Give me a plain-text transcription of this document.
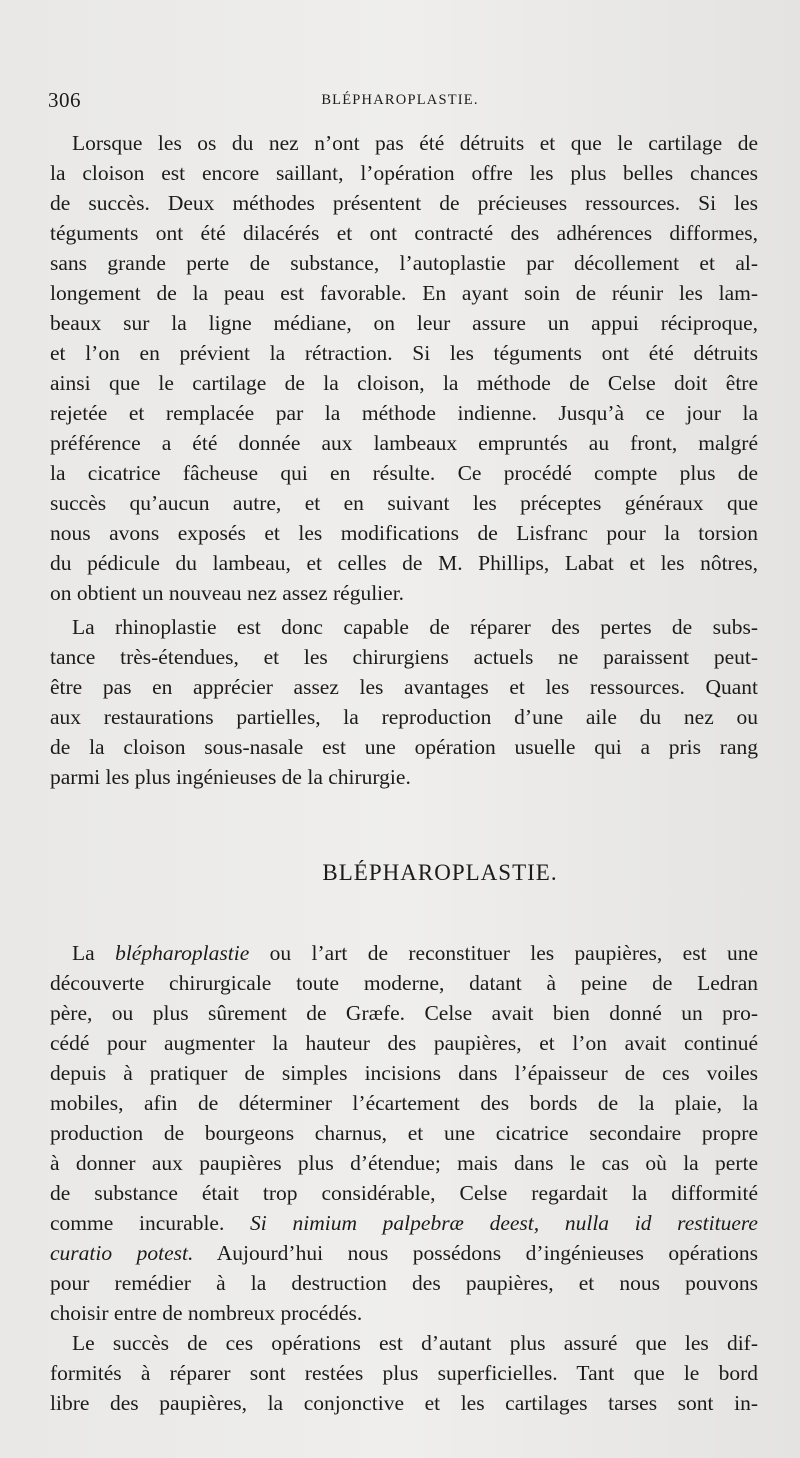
306	BLÉPHAROPLASTIE.

Lorsque les os du nez n’ont pas été détruits et que le cartilage de
la cloison est encore saillant, l’opération offre les plus belles chances
de succès. Deux méthodes présentent de précieuses ressources. Si les
téguments ont été dilacérés et ont contracté des adhérences difformes,
sans grande perte de substance, l’autoplastie par décollement et al-
longement de la peau est favorable. En ayant soin de réunir les lam-
beaux sur la ligne médiane, on leur assure un appui réciproque,
et l’on en prévient la rétraction. Si les téguments ont été détruits
ainsi que le cartilage de la cloison, la méthode de Celse doit être
rejetée et remplacée par la méthode indienne. Jusqu’à ce jour la
préférence a été donnée aux lambeaux empruntés au front, malgré
la cicatrice fâcheuse qui en résulte. Ce procédé compte plus de
succès qu’aucun autre, et en suivant les préceptes généraux que
nous avons exposés et les modifications de Lisfranc pour la torsion
du pédicule du lambeau, et celles de M. Phillips, Labat et les nôtres,
on obtient un nouveau nez assez régulier.

La rhinoplastie est donc capable de réparer des pertes de subs-
tance très-étendues, et les chirurgiens actuels ne paraissent peut-
être pas en apprécier assez les avantages et les ressources. Quant
aux restaurations partielles, la reproduction d’une aile du nez ou
de la cloison sous-nasale est une opération usuelle qui a pris rang
parmi les plus ingénieuses de la chirurgie.

BLÉPHAROPLASTIE.

La blépharoplastie ou l’art de reconstituer les paupières, est une
découverte chirurgicale toute moderne, datant à peine de Ledran
père, ou plus sûrement de Græfe. Celse avait bien donné un pro-
cédé pour augmenter la hauteur des paupières, et l’on avait continué
depuis à pratiquer de simples incisions dans l’épaisseur de ces voiles
mobiles, afin de déterminer l’écartement des bords de la plaie, la
production de bourgeons charnus, et une cicatrice secondaire propre
à donner aux paupières plus d’étendue; mais dans le cas où la perte
de substance était trop considérable, Celse regardait la difformité
comme incurable. Si nimium palpebræ deest, nulla id restituere
curatio potest. Aujourd’hui nous possédons d’ingénieuses opérations
pour remédier à la destruction des paupières, et nous pouvons
choisir entre de nombreux procédés.

Le succès de ces opérations est d’autant plus assuré que les dif-
formités à réparer sont restées plus superficielles. Tant que le bord
libre des paupières, la conjonctive et les cartilages tarses sont in-
